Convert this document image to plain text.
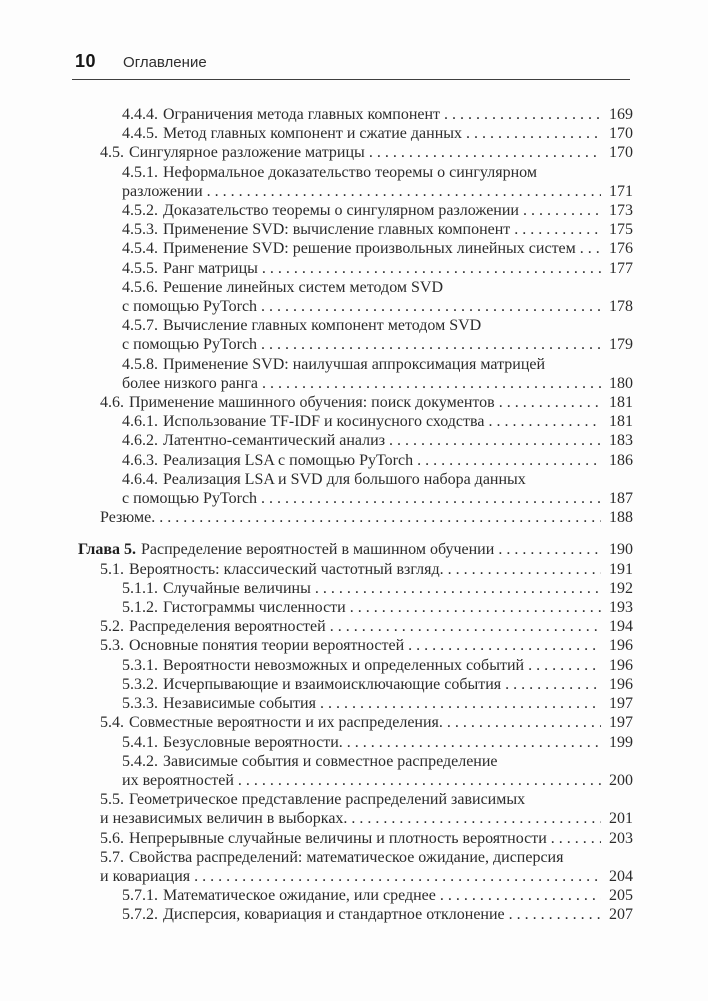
10 Оглавление
4.4.4. Ограничения метода главных компонент . . .	169
4.4.5. Метод главных компонент и сжатие данных . . .	170
4.5. Сингулярное разложение матрицы . . .	170
4.5.1. Неформальное доказательство теоремы о сингулярном
разложении . . .	171
4.5.2. Доказательство теоремы о сингулярном разложении . . .	173
4.5.3. Применение SVD: вычисление главных компонент . . .	175
4.5.4. Применение SVD: решение произвольных линейных систем . . . 176
4.5.5. Ранг матрицы . . .	177
4.5.6. Решение линейных систем методом SVD
с помощью PyTorch . . .	178
4.5.7. Вычисление главных компонент методом SVD
с помощью PyTorch . . .	179
4.5.8. Применение SVD: наилучшая аппроксимация матрицей
более низкого ранга . . .	180
4.6. Применение машинного обучения: поиск документов . . .	181
4.6.1. Использование TF-IDF и косинусного сходства . . .	181
4.6.2. Латентно-семантический анализ . . .	183
4.6.3. Реализация LSA с помощью PyTorch . . .	186
4.6.4. Реализация LSA и SVD для большого набора данных
с помощью PyTorch . . .	187
Резюме. . . .	188
Глава 5. Распределение вероятностей в машинном обучении . . .	190
5.1. Вероятность: классический частотный взгляд. . . .	191
5.1.1. Случайные величины . . .	192
5.1.2. Гистограммы численности . . .	193
5.2. Распределения вероятностей . . .	194
5.3. Основные понятия теории вероятностей . . .	196
5.3.1. Вероятности невозможных и определенных событий . . .	196
5.3.2. Исчерпывающие и взаимоисключающие события . . .	196
5.3.3. Независимые события . . .	197
5.4. Совместные вероятности и их распределения. . . .	197
5.4.1. Безусловные вероятности. . . .	199
5.4.2. Зависимые события и совместное распределение
их вероятностей . . .	200
5.5. Геометрическое представление распределений зависимых
и независимых величин в выборках. . . .	201
5.6. Непрерывные случайные величины и плотность вероятности . . .	203
5.7. Свойства распределений: математическое ожидание, дисперсия
и ковариация . . .	204
5.7.1. Математическое ожидание, или среднее . . .	205
5.7.2. Дисперсия, ковариация и стандартное отклонение . . .	207
